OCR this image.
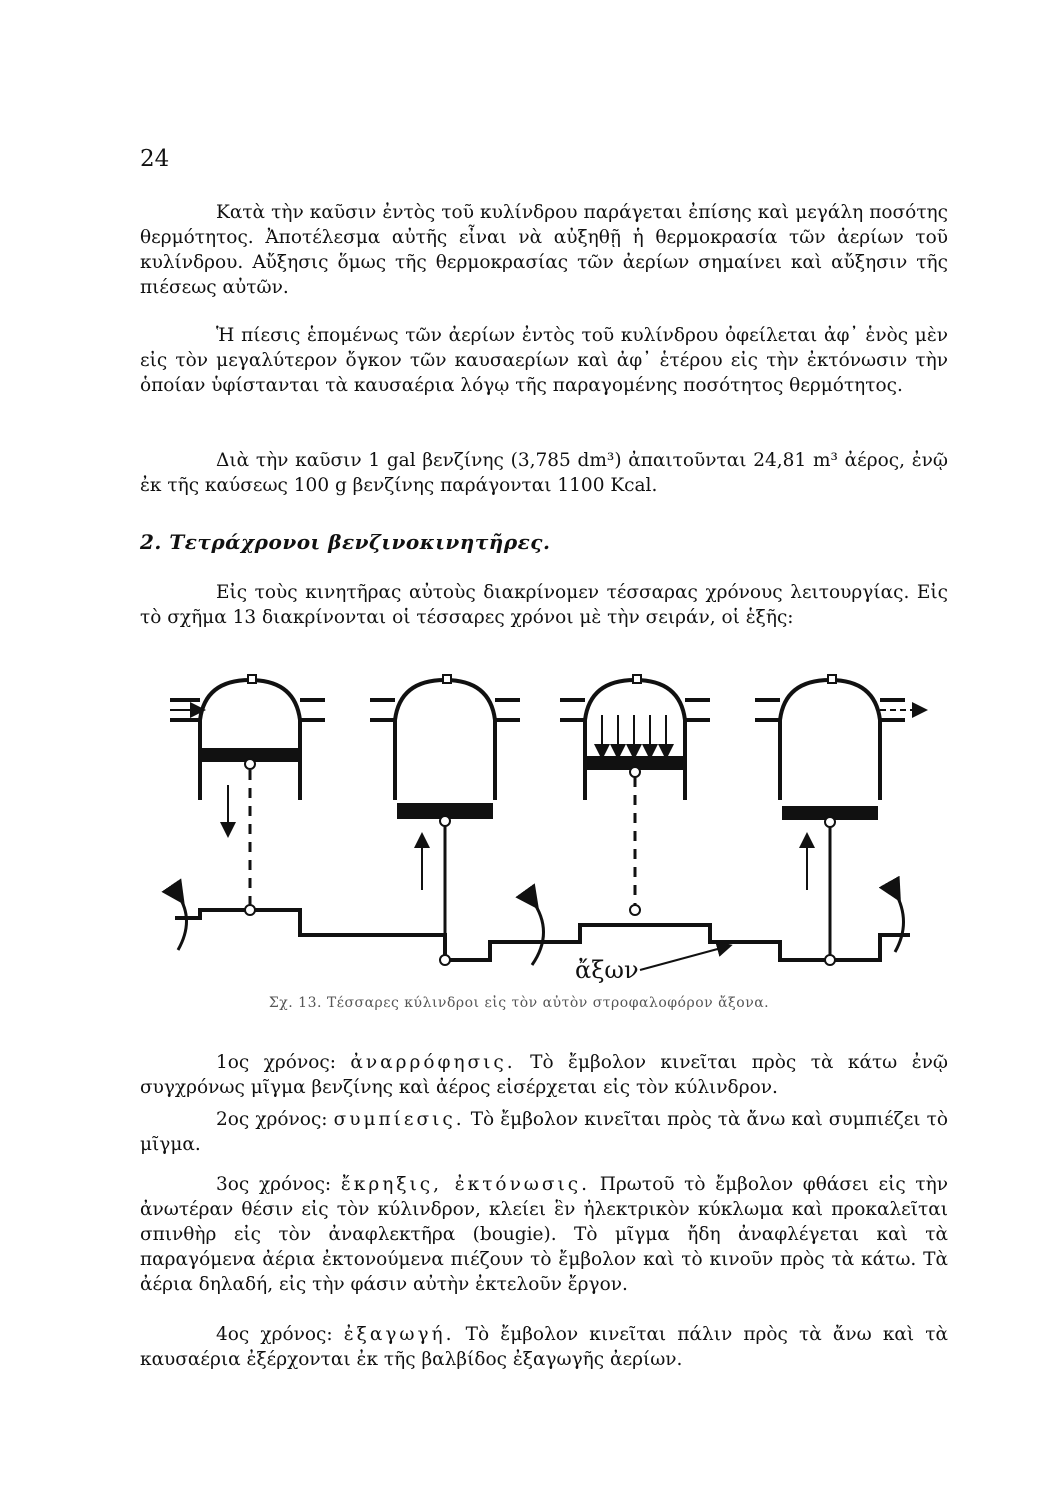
24

Κατὰ τὴν καῦσιν ἐντὸς τοῦ κυλίνδρου παράγεται ἐπίσης καὶ μεγάλη ποσότης θερμότητος. Ἀποτέλεσμα αὐτῆς εἶναι νὰ αὐξηθῇ ἡ θερμοκρασία τῶν ἀερίων τοῦ κυλίνδρου. Αὔξησις ὅμως τῆς θερμοκρασίας τῶν ἀερίων σημαίνει καὶ αὔξησιν τῆς πιέσεως αὐτῶν.

Ἡ πίεσις ἑπομένως τῶν ἀερίων ἐντὸς τοῦ κυλίνδρου ὀφείλεται ἀφ᾽ ἑνὸς μὲν εἰς τὸν μεγαλύτερον ὄγκον τῶν καυσαερίων καὶ ἀφ᾽ ἑτέρου εἰς τὴν ἐκτόνωσιν τὴν ὁποίαν ὑφίστανται τὰ καυσαέρια λόγῳ τῆς παραγομένης ποσότητος θερμότητος.

Διὰ τὴν καῦσιν 1 gal βενζίνης (3,785 dm³) ἀπαιτοῦνται 24,81 m³ ἀέρος, ἐνῷ ἐκ τῆς καύσεως 100 g βενζίνης παράγονται 1100 Kcal.

2. Τετράχρονοι βενζινοκινητῆρες.

Εἰς τοὺς κινητῆρας αὐτοὺς διακρίνομεν τέσσαρας χρόνους λειτουργίας. Εἰς τὸ σχῆμα 13 διακρίνονται οἱ τέσσαρες χρόνοι μὲ τὴν σειράν, οἱ ἑξῆς:

ἄξων
Σχ. 13. Τέσσαρες κύλινδροι εἰς τὸν αὐτὸν στροφαλοφόρον ἄξονα.

1ος χρόνος: ἀναρρόφησις. Τὸ ἔμβολον κινεῖται πρὸς τὰ κάτω ἐνῷ συγχρόνως μῖγμα βενζίνης καὶ ἀέρος εἰσέρχεται εἰς τὸν κύλινδρον.

2ος χρόνος: συμπίεσις. Τὸ ἔμβολον κινεῖται πρὸς τὰ ἄνω καὶ συμπιέζει τὸ μῖγμα.

3ος χρόνος: ἔκρηξις, ἐκτόνωσις. Πρωτοῦ τὸ ἔμβολον φθάσει εἰς τὴν ἀνωτέραν θέσιν εἰς τὸν κύλινδρον, κλείει ἓν ἠλεκτρικὸν κύκλωμα καὶ προκαλεῖται σπινθὴρ εἰς τὸν ἀναφλεκτῆρα (bougie). Τὸ μῖγμα ἤδη ἀναφλέγεται καὶ τὰ παραγόμενα ἀέρια ἐκτονούμενα πιέζουν τὸ ἔμβολον καὶ τὸ κινοῦν πρὸς τὰ κάτω. Τὰ ἀέρια δηλαδή, εἰς τὴν φάσιν αὐτὴν ἐκτελοῦν ἔργον.

4ος χρόνος: ἐξαγωγή. Τὸ ἔμβολον κινεῖται πάλιν πρὸς τὰ ἄνω καὶ τὰ καυσαέρια ἐξέρχονται ἐκ τῆς βαλβίδος ἐξαγωγῆς ἀερίων.
